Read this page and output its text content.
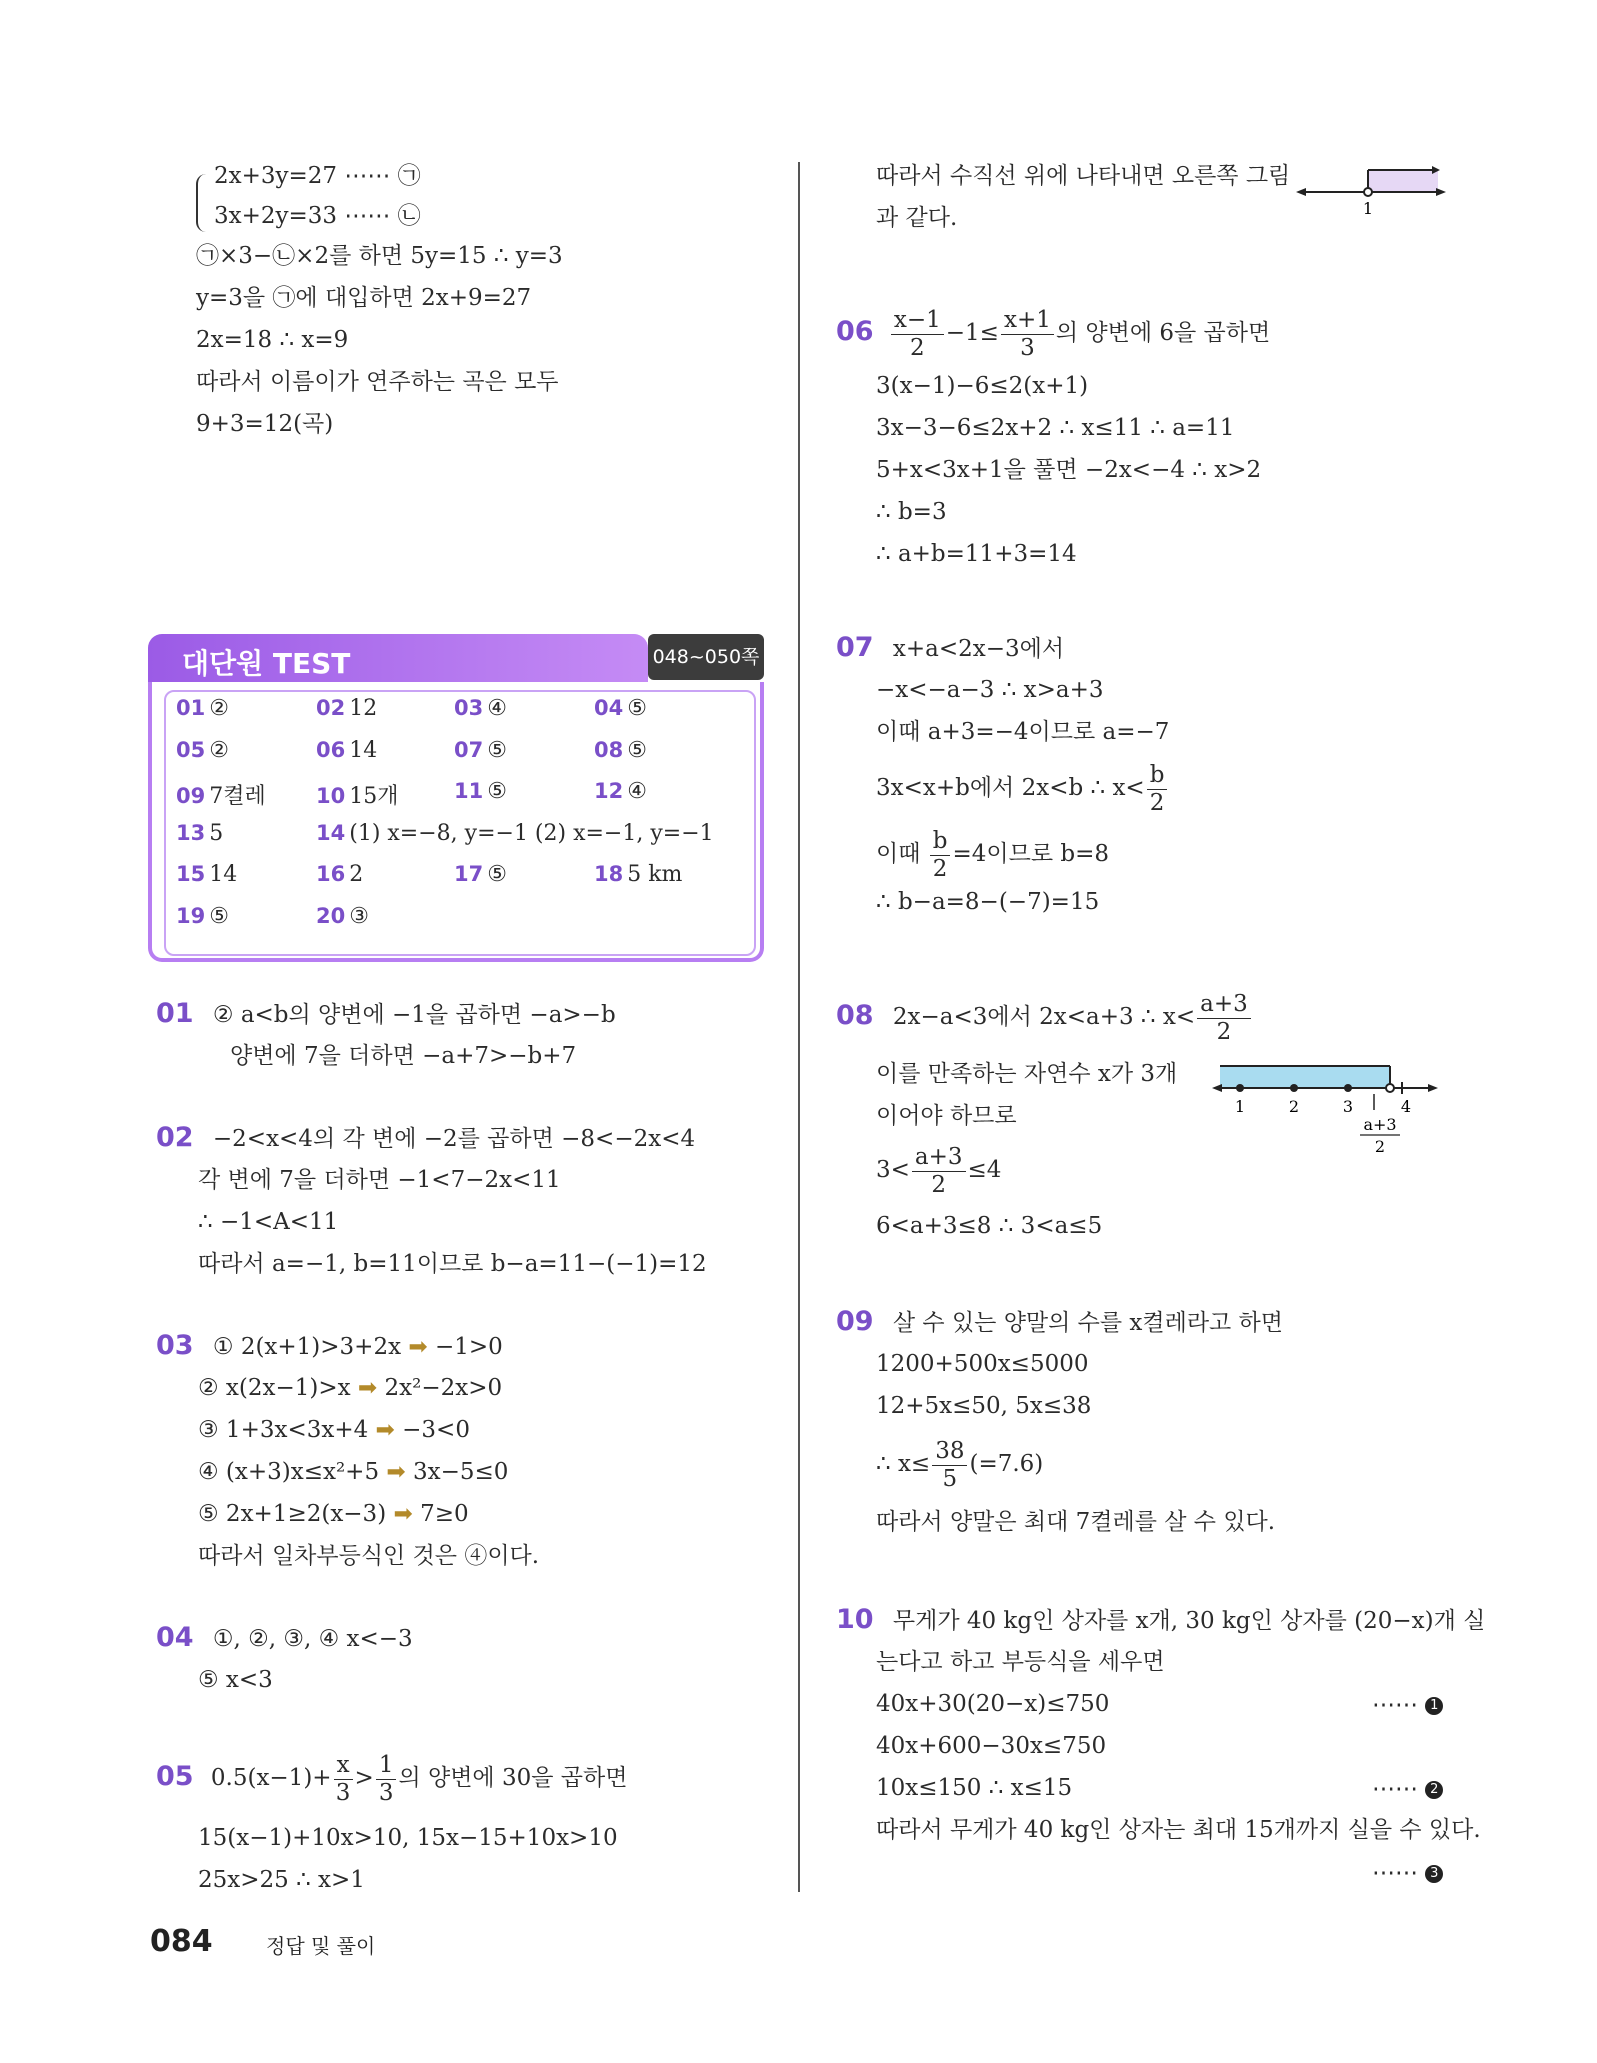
2x+3y=27 ⋯⋯ ㉠
3x+2y=33 ⋯⋯ ㉡
㉠×3−㉡×2를 하면 5y=15 ∴ y=3
y=3을 ㉠에 대입하면 2x+9=27
2x=18 ∴ x=9
따라서 이름이가 연주하는 곡은 모두
9+3=12(곡)
대단원 TEST	048~050쪽
01 ②	02 12	03 ④	04 ⑤
05 ②	06 14	07 ⑤	08 ⑤
09 7켤레 10 15개	11 ⑤	12 ④
13 5	14 (1) x=−8, y=−1 (2) x=−1, y=−1
15 14	16 2	17 ⑤	18 5 km
19 ⑤	20 ③
01 ② a<b의 양변에 −1을 곱하면 −a>−b
양변에 7을 더하면 −a+7>−b+7
02 −2<x<4의 각 변에 −2를 곱하면 −8<−2x<4
각 변에 7을 더하면 −1<7−2x<11
∴ −1<A<11
따라서 a=−1, b=11이므로 b−a=11−(−1)=12
03 ① 2(x+1)>3+2x ➡ −1>0
② x(2x−1)>x ➡ 2x²−2x>0
③ 1+3x<3x+4 ➡ −3<0
④ (x+3)x≤x²+5 ➡ 3x−5≤0
⑤ 2x+1≥2(x−3) ➡ 7≥0
따라서 일차부등식인 것은 ④이다.
04 ①, ②, ③, ④ x<−3
⑤ x<3
05 $0.5(x-1)+ \frac{x}{3} > \frac{1}{3}$ 의 양변에 30을 곱하면
15(x−1)+10x>10, 15x−15+10x>10
25x>25 ∴ x>1
따라서 수직선 위에 나타내면 오른쪽 그림
과 같다.	1
$06 \frac{x-1}{2} -1\le \frac{x+1}{3}$ 의 양변에 6을 곱하면
3(x−1)−6≤2(x+1)
3x−3−6≤2x+2 ∴ x≤11 ∴ a=11
5+x<3x+1을 풀면 −2x<−4 ∴ x>2
∴ b=3
∴ a+b=11+3=14
07 x+a<2x−3에서
−x<−a−3 ∴ x>a+3
이때 a+3=−4이므로 a=−7
3x<x+b에서 2x<b ∴ $x< \frac{b}{2}$
이때 $\frac{b}{2} =4$이므로 b=8
∴ b−a=8−(−7)=15
08 2x−a<3에서 2x<a+3 ∴ $x< \frac{a+3}{2}$
이를 만족하는 자연수 x가 3개
이어야 하므로	1	2	3	4
a+3
2
$3< \frac{a+3}{2} \le 4$
6<a+3≤8 ∴ 3<a≤5
09 살 수 있는 양말의 수를 x켤레라고 하면
1200+500x≤5000
12+5x≤50, 5x≤38
∴ $x\le \frac{38}{5} (=7.6)$
따라서 양말은 최대 7켤레를 살 수 있다.
10 무게가 40 kg인 상자를 x개, 30 kg인 상자를 (20−x)개 실
는다고 하고 부등식을 세우면
40x+30(20−x)≤750	⋯⋯ 1
40x+600−30x≤750
10x≤150 ∴ x≤15	⋯⋯ 2
따라서 무게가 40 kg인 상자는 최대 15개까지 실을 수 있다.
⋯⋯ 3
084	정답 및 풀이
